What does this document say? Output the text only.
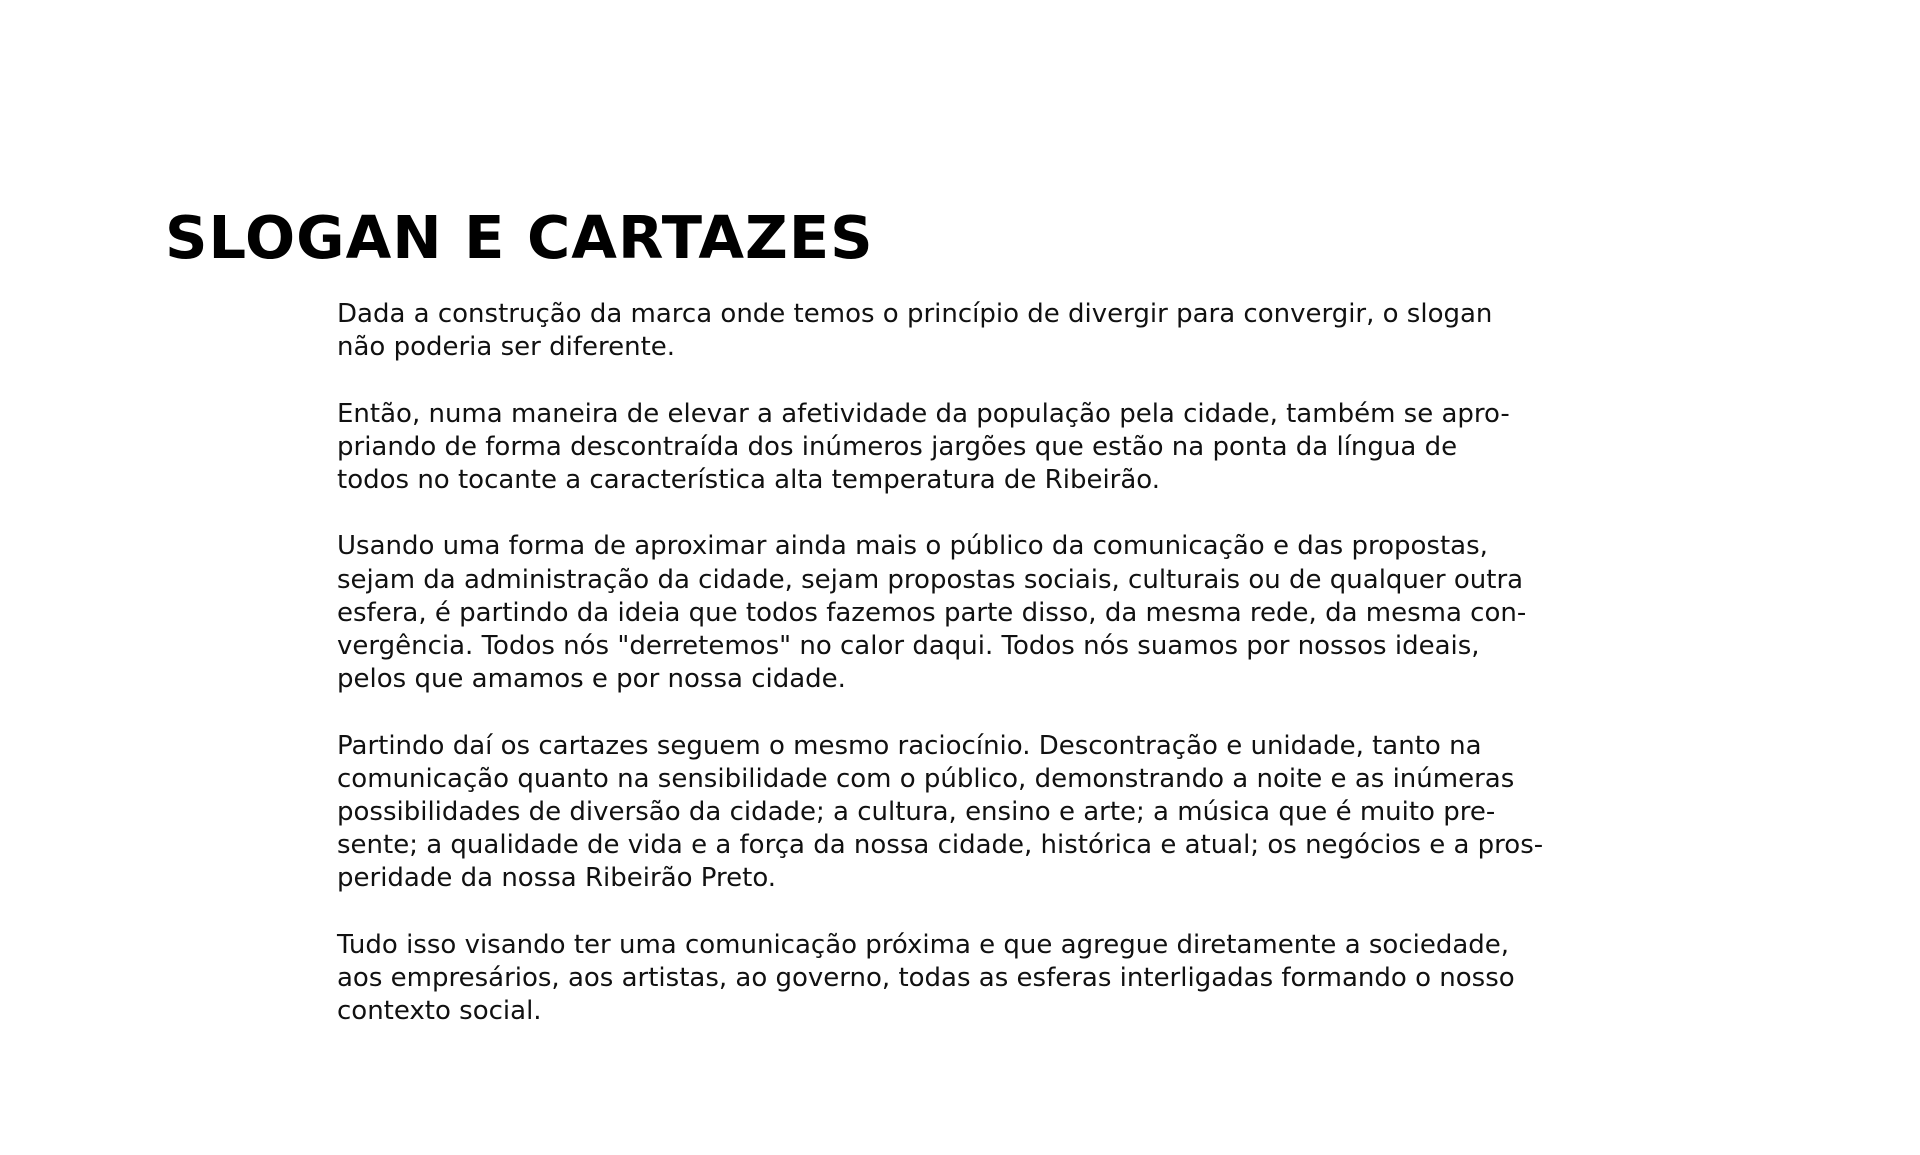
SLOGAN E CARTAZES

Dada a construção da marca onde temos o princípio de divergir para convergir, o slogan
não poderia ser diferente.

Então, numa maneira de elevar a afetividade da população pela cidade, também se apro-
priando de forma descontraída dos inúmeros jargões que estão na ponta da língua de
todos no tocante a característica alta temperatura de Ribeirão.

Usando uma forma de aproximar ainda mais o público da comunicação e das propostas,
sejam da administração da cidade, sejam propostas sociais, culturais ou de qualquer outra
esfera, é partindo da ideia que todos fazemos parte disso, da mesma rede, da mesma con-
vergência. Todos nós "derretemos" no calor daqui. Todos nós suamos por nossos ideais,
pelos que amamos e por nossa cidade.

Partindo daí os cartazes seguem o mesmo raciocínio. Descontração e unidade, tanto na
comunicação quanto na sensibilidade com o público, demonstrando a noite e as inúmeras
possibilidades de diversão da cidade; a cultura, ensino e arte; a música que é muito pre-
sente; a qualidade de vida e a força da nossa cidade, histórica e atual; os negócios e a pros-
peridade da nossa Ribeirão Preto.

Tudo isso visando ter uma comunicação próxima e que agregue diretamente a sociedade,
aos empresários, aos artistas, ao governo, todas as esferas interligadas formando o nosso
contexto social.
